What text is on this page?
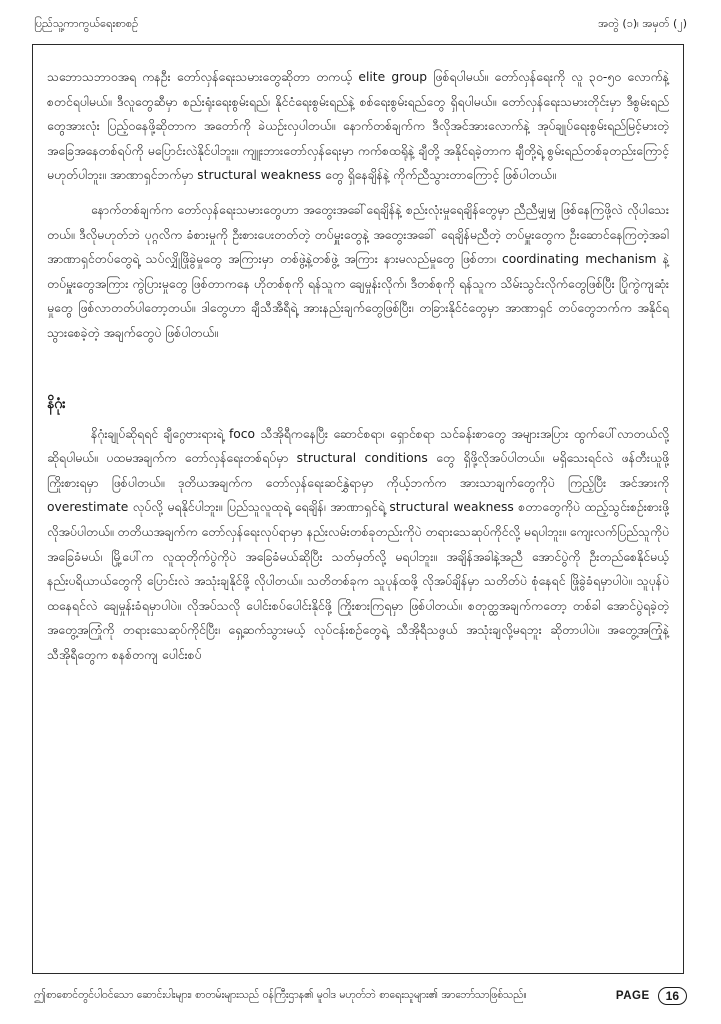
ပြည်သူ့ကာကွယ်ရေးစာစဉ်	အတွဲ (၁)၊ အမှတ် (၂)

သဘောသဘာဝအရ ကနဦး တော်လှန်ရေးသမားတွေဆိုတာ တကယ့် elite group ဖြစ်ရပါမယ်။ တော်လှန်ရေးကို လူ ၃၀-၅၀ လောက်နဲ့ စတင်ရပါမယ်။ ဒီလူတွေဆီမှာ စည်းရုံးရေးစွမ်းရည်၊ နိုင်ငံရေးစွမ်းရည်နဲ့ စစ်ရေးစွမ်းရည်တွေ ရှိရပါမယ်။ တော်လှန်ရေးသမားတိုင်းမှာ ဒီစွမ်းရည်တွေအားလုံး ပြည့်ဝနေဖို့ဆိုတာက အတော်ကို ခဲယဉ်းလှပါတယ်။ နောက်တစ်ချက်က ဒီလိုအင်အားလောက်နဲ့ အုပ်ချုပ်ရေးစွမ်းရည်မြင့်မားတဲ့ အခြေအနေတစ်ရပ်ကို မပြောင်းလဲနိုင်ပါဘူး။ ကျူးဘားတော်လှန်ရေးမှာ ကက်စထရိုနဲ့ ချီတို့ အနိုင်ရခဲ့တာက ချီတို့ရဲ့ စွမ်းရည်တစ်ခုတည်းကြောင့် မဟုတ်ပါဘူး။ အာဏာရှင်ဘက်မှာ structural weakness တွေ ရှိနေချိန်နဲ့ ကိုက်ညီသွားတာကြောင့် ဖြစ်ပါတယ်။

နောက်တစ်ချက်က တော်လှန်ရေးသမားတွေဟာ အတွေးအခေါ်ရေချိန်နဲ့ စည်းလုံးမှုရေချိန်တွေမှာ ညီညီမျှမျှ ဖြစ်နေကြဖို့လဲ လိုပါသေးတယ်။ ဒီလိုမဟုတ်ဘဲ ပုဂ္ဂလိက ခံစားမှုကို ဦးစားပေးတတ်တဲ့ တပ်မှူးတွေနဲ့ အတွေးအခေါ် ရေချိန်မညီတဲ့ တပ်မှူးတွေက ဦးဆောင်နေကြတဲ့အခါ အာဏာရှင်တပ်တွေရဲ့ သပ်လျှိုဖြိုခွဲမှုတွေ အကြားမှာ တစ်ဖွဲ့နဲ့တစ်ဖွဲ့ အကြား နားမလည်မှုတွေ ဖြစ်တာ၊ coordinating mechanism နဲ့ တပ်မှူးတွေအကြား ကွဲပြားမှုတွေ ဖြစ်တာကနေ ဟိုတစ်စုကို ရန်သူက ချေမှုန်းလိုက်၊ ဒီတစ်စုကို ရန်သူက သိမ်းသွင်းလိုက်တွေဖြစ်ပြီး ပြိုကွဲကျဆုံးမှုတွေ ဖြစ်လာတတ်ပါတော့တယ်။ ဒါတွေဟာ ချီသီအီရီရဲ့ အားနည်းချက်တွေဖြစ်ပြီး၊ တခြားနိုင်ငံတွေမှာ အာဏာရှင် တပ်တွေဘက်က အနိုင်ရသွားစေခဲ့တဲ့ အချက်တွေပဲ ဖြစ်ပါတယ်။

နိဂုံး

နိဂုံးချုပ်ဆိုရရင် ချီဂွေဗားရားရဲ့ foco သီအိုရီကနေပြီး ဆောင်စရာ၊ ရှောင်စရာ သင်ခန်းစာတွေ အများအပြား ထွက်ပေါ်လာတယ်လို့ ဆိုရပါမယ်။ ပထမအချက်က တော်လှန်ရေးတစ်ရပ်မှာ structural conditions တွေ ရှိဖို့လိုအပ်ပါတယ်။ မရှိသေးရင်လဲ ဖန်တီးယူဖို့ ကြိုးစားရမှာ ဖြစ်ပါတယ်။ ဒုတိယအချက်က တော်လှန်ရေးဆင်နွှဲရာမှာ ကိုယ့်ဘက်က အားသာချက်တွေကိုပဲ ကြည့်ပြီး အင်အားကို overestimate လုပ်လို့ မရနိုင်ပါဘူး။ ပြည်သူလူထုရဲ့ ရေချိန်၊ အာဏာရှင်ရဲ့ structural weakness စတာတွေကိုပဲ ထည့်သွင်းစဉ်းစားဖို့ လိုအပ်ပါတယ်။ တတိယအချက်က တော်လှန်ရေးလုပ်ရာမှာ နည်းလမ်းတစ်ခုတည်းကိုပဲ တရားသေဆုပ်ကိုင်လို့ မရပါဘူး။ ကျေးလက်ပြည်သူကိုပဲ အခြေခံမယ်၊ မြို့ပေါ်က လူထုတိုက်ပွဲကိုပဲ အခြေခံမယ်ဆိုပြီး သတ်မှတ်လို့ မရပါဘူး။ အချိန်အခါနဲ့အညီ အောင်ပွဲကို ဦးတည်စေနိုင်မယ့် နည်းပရိယာယ်တွေကို ပြောင်းလဲ အသုံးချနိုင်ဖို့ လိုပါတယ်။ သတိတစ်ခုက သူပုန်ထဖို့ လိုအပ်ချိန်မှာ သတိတ်ပဲ စုံနေရင် ဖြိုခွဲခံရမှာပါပဲ။ သူပုန်ပဲ ထနေရင်လဲ ချေမှုန်းခံရမှာပါပဲ။ လိုအပ်သလို ပေါင်းစပ်ပေါင်းနိုင်ဖို့ ကြိုးစားကြရမှာ ဖြစ်ပါတယ်။ စတုတ္ထအချက်ကတော့ တစ်ခါ အောင်ပွဲရခဲ့တဲ့ အတွေ့အကြုံကို တရားသေဆုပ်ကိုင်ပြီး၊ ရှေ့ဆက်သွားမယ့် လုပ်ငန်းစဉ်တွေရဲ့ သီအိုရီသဖွယ် အသုံးချလို့မရဘူး ဆိုတာပါပဲ။ အတွေ့အကြုံနဲ့ သီအိုရီတွေက စနစ်တကျ ပေါင်းစပ်

ဤစာစောင်တွင်ပါဝင်သော ဆောင်းပါးများ၊ စာတမ်းများသည် ဝန်ကြီးဌာန၏ မူဝါဒ မဟုတ်ဘဲ စာရေးသူများ၏ အာဘော်သာဖြစ်သည်။	PAGE	16
